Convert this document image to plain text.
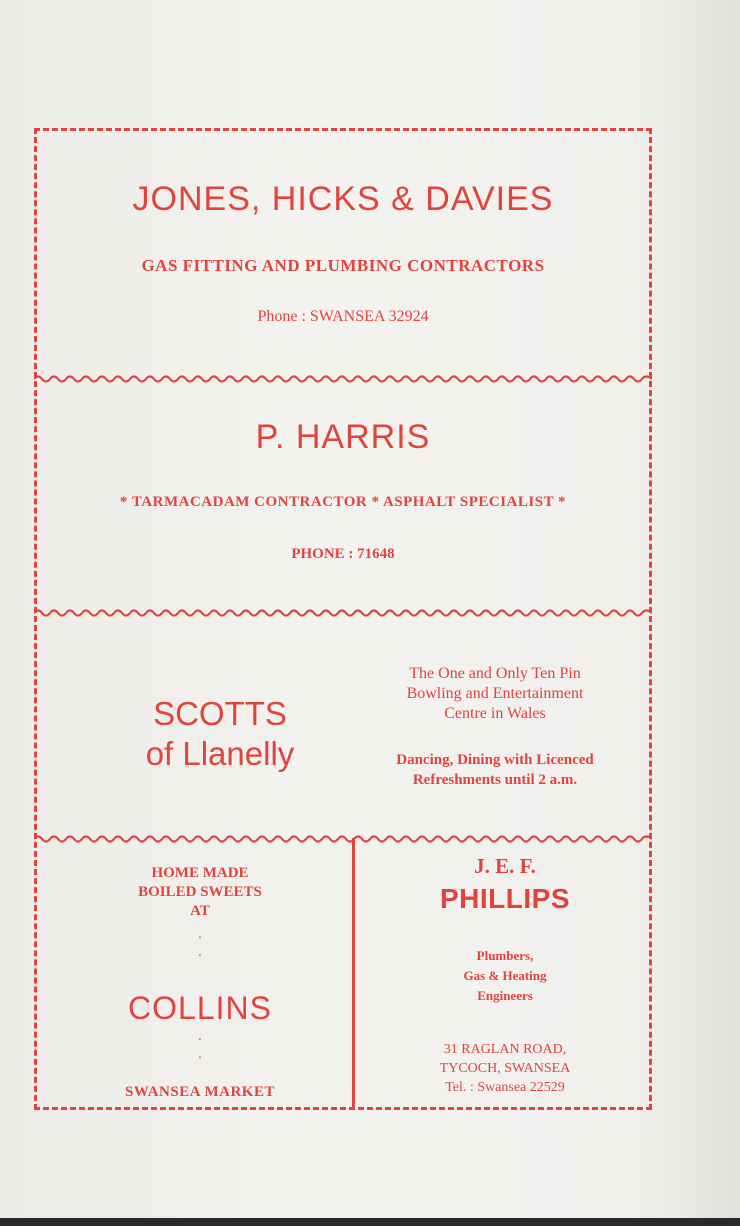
JONES, HICKS & DAVIES
GAS FITTING AND PLUMBING CONTRACTORS
Phone : SWANSEA 32924
P. HARRIS
* TARMACADAM CONTRACTOR * ASPHALT SPECIALIST *
PHONE : 71648
SCOTTS
of Llanelly
The One and Only Ten Pin
Bowling and Entertainment
Centre in Wales
Dancing, Dining with Licenced
Refreshments until 2 a.m.
HOME MADE
BOILED SWEETS
AT
·
·
COLLINS
·
·
SWANSEA MARKET
J. E. F.
PHILLIPS
Plumbers,
Gas & Heating
Engineers
31 RAGLAN ROAD,
TYCOCH, SWANSEA
Tel. : Swansea 22529
